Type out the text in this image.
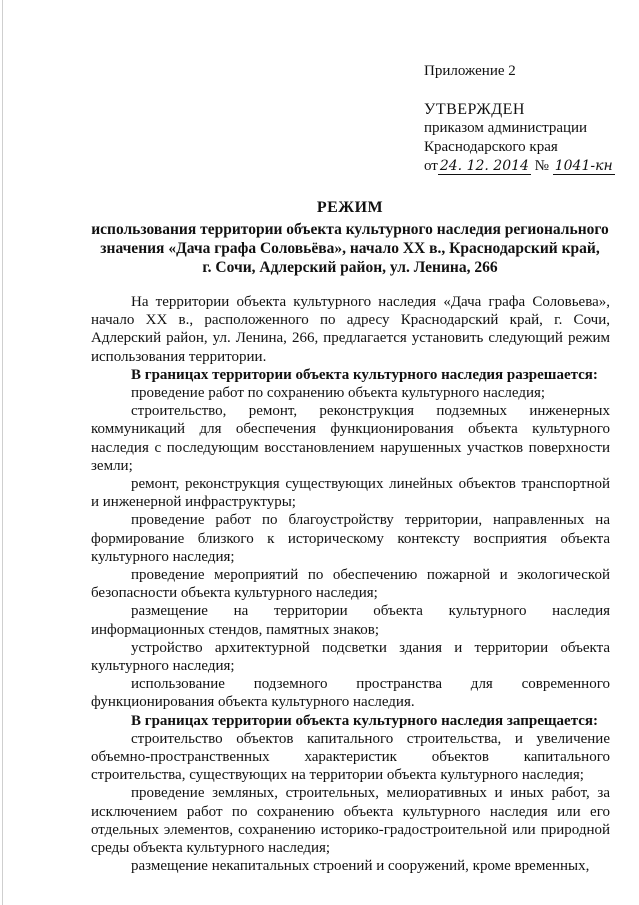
Приложение 2
УТВЕРЖДЕН
приказом администрации
Краснодарского края
от 24. 12. 2014 № 1041-кн
РЕЖИМ
использования территории объекта культурного наследия регионального
значения «Дача графа Соловьёва», начало XX в., Краснодарский край,
г. Сочи, Адлерский район, ул. Ленина, 266

На территории объекта культурного наследия «Дача графа Соловьева», начало XX в., расположенного по адресу Краснодарский край, г. Сочи, Адлерский район, ул. Ленина, 266, предлагается установить следующий режим использования территории.

В границах территории объекта культурного наследия разрешается:

проведение работ по сохранению объекта культурного наследия;

строительство, ремонт, реконструкция подземных инженерных коммуникаций для обеспечения функционирования объекта культурного наследия с последующим восстановлением нарушенных участков поверхности земли;

ремонт, реконструкция существующих линейных объектов транспортной и инженерной инфраструктуры;

проведение работ по благоустройству территории, направленных на формирование близкого к историческому контексту восприятия объекта культурного наследия;

проведение мероприятий по обеспечению пожарной и экологической безопасности объекта культурного наследия;

размещение на территории объекта культурного наследия информационных стендов, памятных знаков;

устройство архитектурной подсветки здания и территории объекта культурного наследия;

использование подземного пространства для современного функционирования объекта культурного наследия.

В границах территории объекта культурного наследия запрещается:

строительство объектов капитального строительства, и увеличение объемно-пространственных характеристик объектов капитального строительства, существующих на территории объекта культурного наследия;

проведение земляных, строительных, мелиоративных и иных работ, за исключением работ по сохранению объекта культурного наследия или его отдельных элементов, сохранению историко-градостроительной или природной среды объекта культурного наследия;

размещение некапитальных строений и сооружений, кроме временных,
